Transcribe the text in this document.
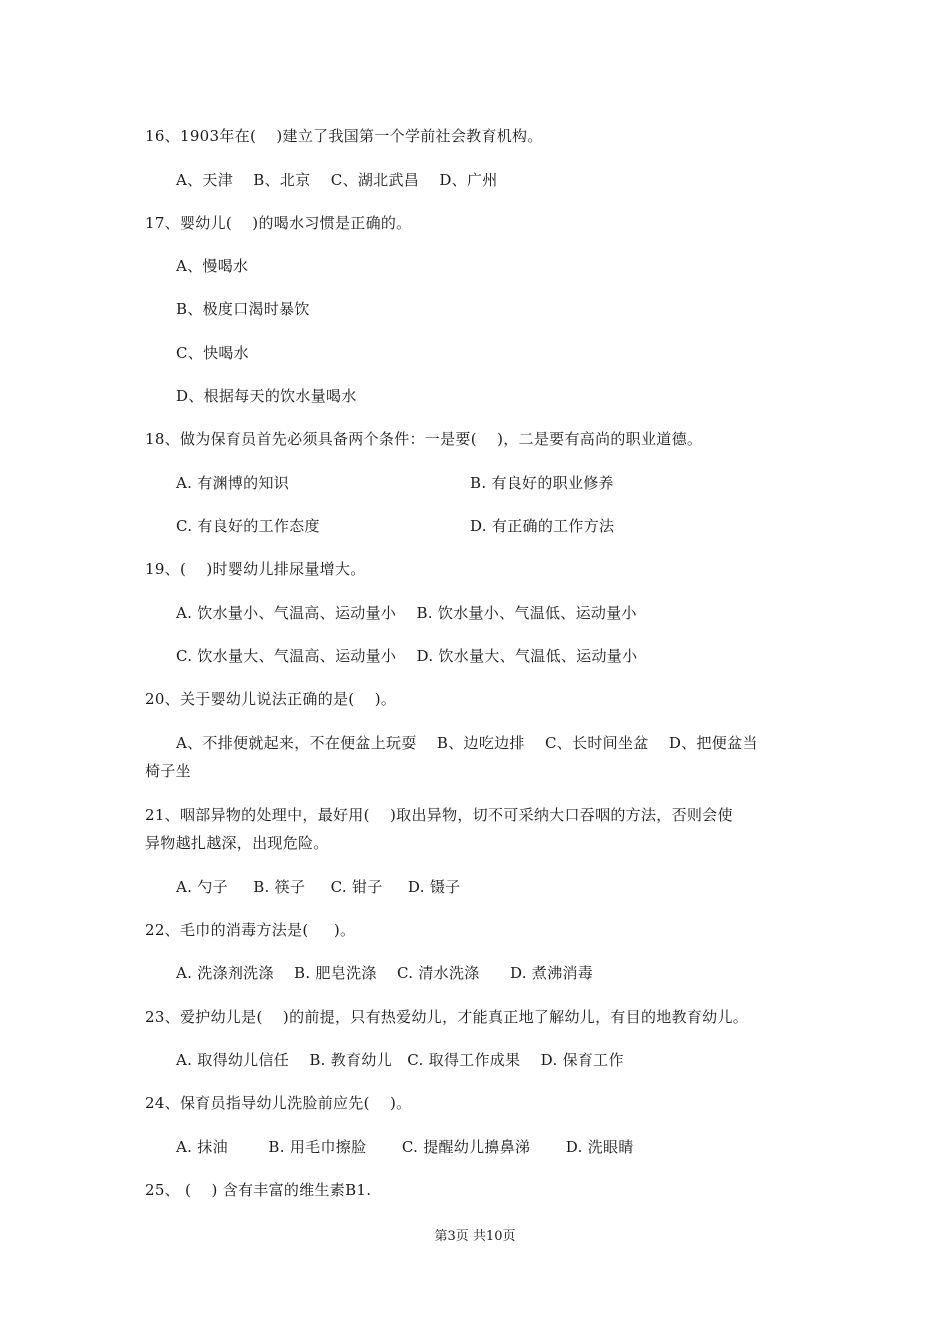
16、1903年在(    )建立了我国第一个学前社会教育机构。
A、天津    B、北京    C、湖北武昌    D、广州
17、婴幼儿(    )的喝水习惯是正确的。
A、慢喝水
B、极度口渴时暴饮
C、快喝水
D、根据每天的饮水量喝水
18、做为保育员首先必须具备两个条件：一是要(    )，二是要有高尚的职业道德。
A. 有渊博的知识	B. 有良好的职业修养
C. 有良好的工作态度	D. 有正确的工作方法
19、(    )时婴幼儿排尿量增大。
A. 饮水量小、气温高、运动量小    B. 饮水量小、气温低、运动量小
C. 饮水量大、气温高、运动量小    D. 饮水量大、气温低、运动量小
20、关于婴幼儿说法正确的是(    )。
A、不排便就起来，不在便盆上玩耍    B、边吃边排    C、长时间坐盆    D、把便盆当
椅子坐
21、咽部异物的处理中，最好用(    )取出异物，切不可采纳大口吞咽的方法，否则会使
异物越扎越深，出现危险。
A. 勺子     B. 筷子     C. 钳子     D. 镊子
22、毛巾的消毒方法是(     )。
A. 洗涤剂洗涤    B. 肥皂洗涤    C. 清水洗涤      D. 煮沸消毒
23、爱护幼儿是(    )的前提，只有热爱幼儿，才能真正地了解幼儿，有目的地教育幼儿。
A. 取得幼儿信任    B. 教育幼儿   C. 取得工作成果    D. 保育工作
24、保育员指导幼儿洗脸前应先(    )。
A. 抹油        B. 用毛巾擦脸       C. 提醒幼儿擤鼻涕       D. 洗眼睛
25、 (    ) 含有丰富的维生素B1.
第3页 共10页
